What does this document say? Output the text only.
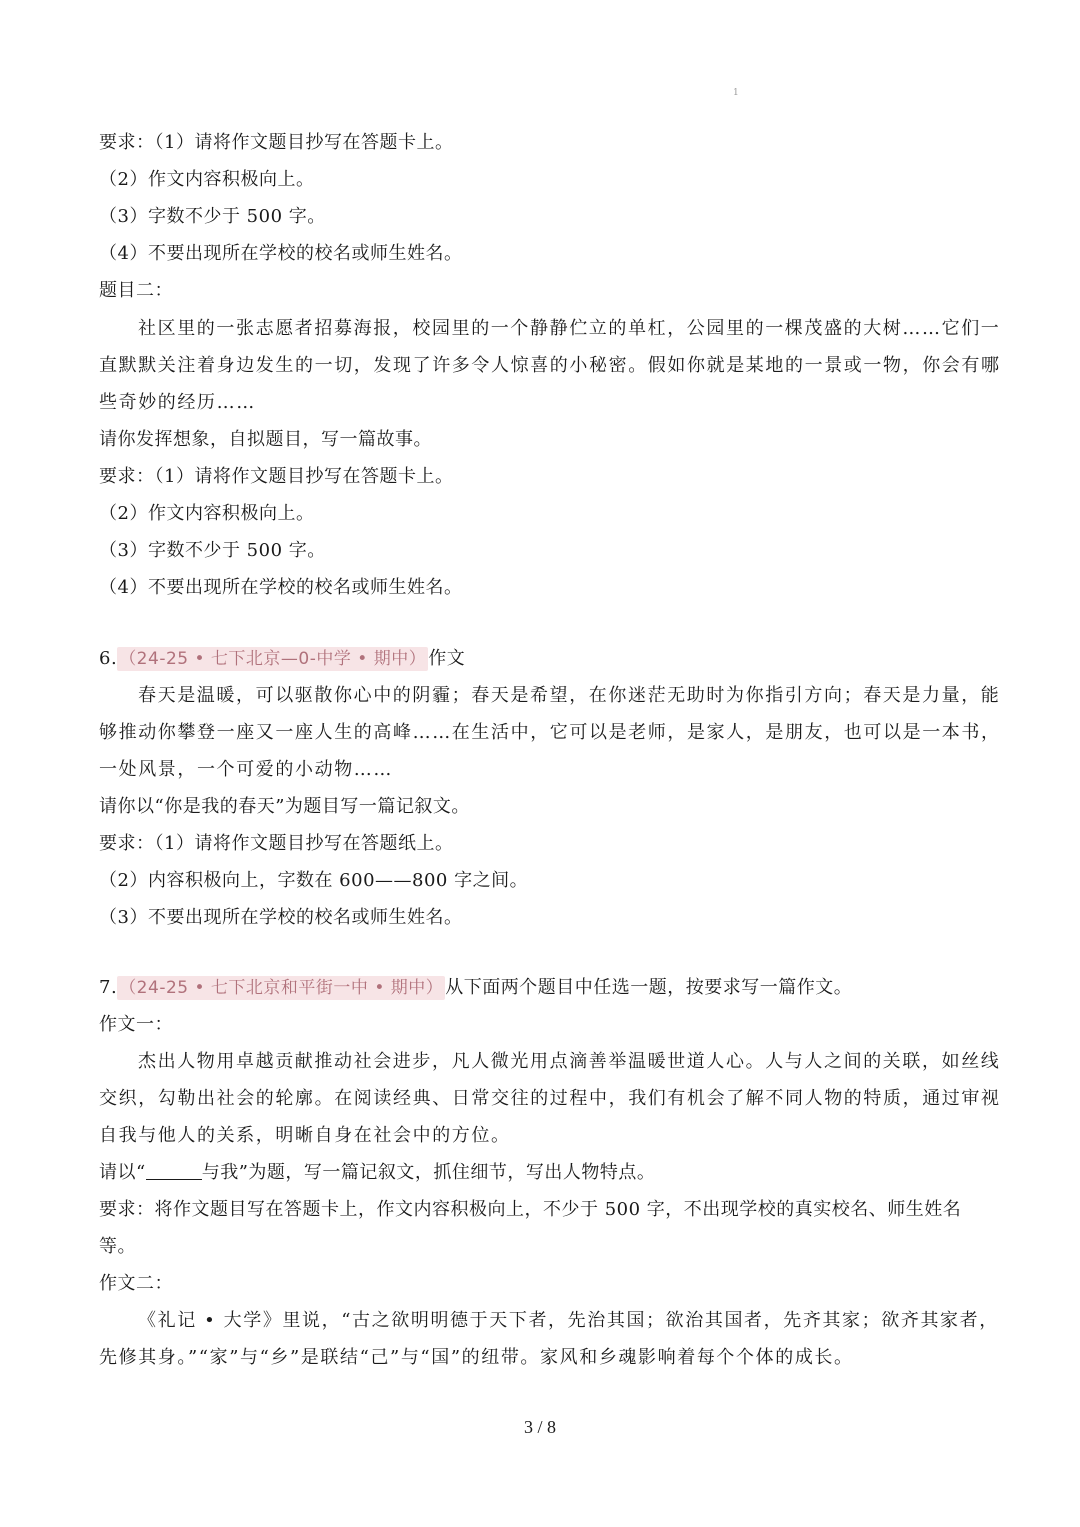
1
要求：（1）请将作文题目抄写在答题卡上。
（2）作文内容积极向上。
（3）字数不少于 500 字。
（4）不要出现所在学校的校名或师生姓名。
题目二：
社区里的一张志愿者招募海报，校园里的一个静静伫立的单杠，公园里的一棵茂盛的大树……它们一
直默默关注着身边发生的一切，发现了许多令人惊喜的小秘密。假如你就是某地的一景或一物，你会有哪
些奇妙的经历……
请你发挥想象，自拟题目，写一篇故事。
要求：（1）请将作文题目抄写在答题卡上。
（2）作文内容积极向上。
（3）字数不少于 500 字。
（4）不要出现所在学校的校名或师生姓名。
6. （24-25 • 七下北京—0-中学 • 期中） 作文
春天是温暖，可以驱散你心中的阴霾；春天是希望，在你迷茫无助时为你指引方向；春天是力量，能
够推动你攀登一座又一座人生的高峰……在生活中，它可以是老师，是家人，是朋友，也可以是一本书，
一处风景，一个可爱的小动物……
请你以“你是我的春天”为题目写一篇记叙文。
要求：（1）请将作文题目抄写在答题纸上。
（2）内容积极向上，字数在 600——800 字之间。
（3）不要出现所在学校的校名或师生姓名。
7. （24-25 • 七下北京和平街一中 • 期中） 从下面两个题目中任选一题，按要求写一篇作文。
作文一：
杰出人物用卓越贡献推动社会进步，凡人微光用点滴善举温暖世道人心。人与人之间的关联，如丝线
交织，勾勒出社会的轮廓。在阅读经典、日常交往的过程中，我们有机会了解不同人物的特质，通过审视
自我与他人的关系，明晰自身在社会中的方位。
请以“	与我”为题，写一篇记叙文，抓住细节，写出人物特点。
要求：将作文题目写在答题卡上，作文内容积极向上，不少于 500 字，不出现学校的真实校名、师生姓名
等。
作文二：
《礼记 • 大学》里说，“古之欲明明德于天下者，先治其国；欲治其国者，先齐其家；欲齐其家者，
先修其身。”“家”与“乡”是联结“己”与“国”的纽带。家风和乡魂影响着每个个体的成长。
3 / 8
